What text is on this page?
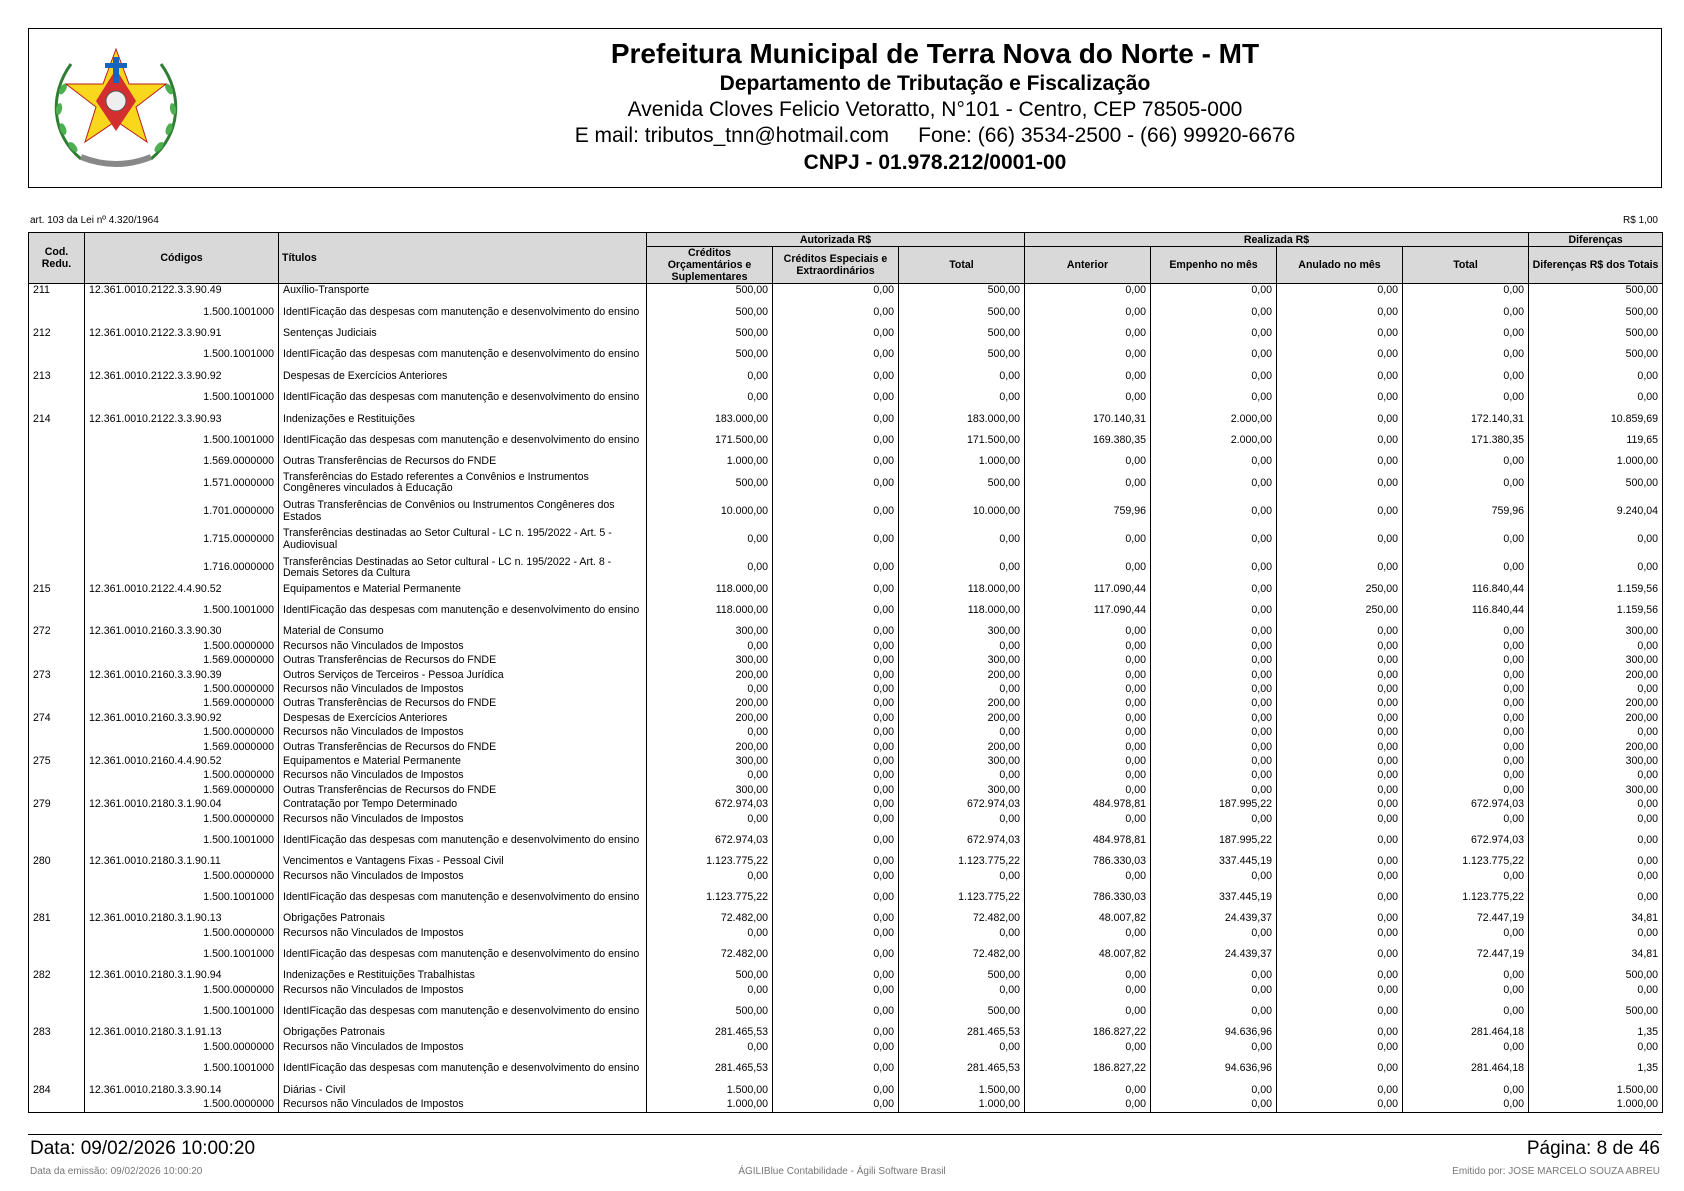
Prefeitura Municipal de Terra Nova do Norte - MT
Departamento de Tributação e Fiscalização
Avenida Cloves Felicio Vetoratto, N°101 - Centro, CEP 78505-000
E mail: tributos_tnn@hotmail.com     Fone: (66) 3534-2500 - (66) 99920-6676
CNPJ - 01.978.212/0001-00
art. 103 da Lei nº 4.320/1964	R$ 1,00
Cod. Redu.	Códigos	Títulos	Autorizada R$			Realizada R$				Diferenças
			Créditos Orçamentários e Suplementares	Créditos Especiais e Extraordinários	Total	Anterior	Empenho no mês	Anulado no mês	Total	Diferenças R$ dos Totais
211	12.361.0010.2122.3.3.90.49	Auxílio-Transporte	500,00	0,00	500,00	0,00	0,00	0,00	0,00	500,00
	1.500.1001000	IdentIFicação das despesas com manutenção e desenvolvimento do ensino	500,00	0,00	500,00	0,00	0,00	0,00	0,00	500,00
212	12.361.0010.2122.3.3.90.91	Sentenças Judiciais	500,00	0,00	500,00	0,00	0,00	0,00	0,00	500,00
	1.500.1001000	IdentIFicação das despesas com manutenção e desenvolvimento do ensino	500,00	0,00	500,00	0,00	0,00	0,00	0,00	500,00
213	12.361.0010.2122.3.3.90.92	Despesas de Exercícios Anteriores	0,00	0,00	0,00	0,00	0,00	0,00	0,00	0,00
	1.500.1001000	IdentIFicação das despesas com manutenção e desenvolvimento do ensino	0,00	0,00	0,00	0,00	0,00	0,00	0,00	0,00
214	12.361.0010.2122.3.3.90.93	Indenizações e Restituições	183.000,00	0,00	183.000,00	170.140,31	2.000,00	0,00	172.140,31	10.859,69
	1.500.1001000	IdentIFicação das despesas com manutenção e desenvolvimento do ensino	171.500,00	0,00	171.500,00	169.380,35	2.000,00	0,00	171.380,35	119,65
	1.569.0000000	Outras Transferências de Recursos do FNDE	1.000,00	0,00	1.000,00	0,00	0,00	0,00	0,00	1.000,00
	1.571.0000000	Transferências do Estado referentes a Convênios e Instrumentos Congêneres vinculados à Educação	500,00	0,00	500,00	0,00	0,00	0,00	0,00	500,00
	1.701.0000000	Outras Transferências de Convênios ou Instrumentos Congêneres dos Estados	10.000,00	0,00	10.000,00	759,96	0,00	0,00	759,96	9.240,04
	1.715.0000000	Transferências destinadas ao Setor Cultural - LC n. 195/2022 - Art. 5 - Audiovisual	0,00	0,00	0,00	0,00	0,00	0,00	0,00	0,00
	1.716.0000000	Transferências Destinadas ao Setor cultural - LC n. 195/2022 - Art. 8 - Demais Setores da Cultura	0,00	0,00	0,00	0,00	0,00	0,00	0,00	0,00
215	12.361.0010.2122.4.4.90.52	Equipamentos e Material Permanente	118.000,00	0,00	118.000,00	117.090,44	0,00	250,00	116.840,44	1.159,56
	1.500.1001000	IdentIFicação das despesas com manutenção e desenvolvimento do ensino	118.000,00	0,00	118.000,00	117.090,44	0,00	250,00	116.840,44	1.159,56
272	12.361.0010.2160.3.3.90.30	Material de Consumo	300,00	0,00	300,00	0,00	0,00	0,00	0,00	300,00
	1.500.0000000	Recursos não Vinculados de Impostos	0,00	0,00	0,00	0,00	0,00	0,00	0,00	0,00
	1.569.0000000	Outras Transferências de Recursos do FNDE	300,00	0,00	300,00	0,00	0,00	0,00	0,00	300,00
273	12.361.0010.2160.3.3.90.39	Outros Serviços de Terceiros - Pessoa Jurídica	200,00	0,00	200,00	0,00	0,00	0,00	0,00	200,00
	1.500.0000000	Recursos não Vinculados de Impostos	0,00	0,00	0,00	0,00	0,00	0,00	0,00	0,00
	1.569.0000000	Outras Transferências de Recursos do FNDE	200,00	0,00	200,00	0,00	0,00	0,00	0,00	200,00
274	12.361.0010.2160.3.3.90.92	Despesas de Exercícios Anteriores	200,00	0,00	200,00	0,00	0,00	0,00	0,00	200,00
	1.500.0000000	Recursos não Vinculados de Impostos	0,00	0,00	0,00	0,00	0,00	0,00	0,00	0,00
	1.569.0000000	Outras Transferências de Recursos do FNDE	200,00	0,00	200,00	0,00	0,00	0,00	0,00	200,00
275	12.361.0010.2160.4.4.90.52	Equipamentos e Material Permanente	300,00	0,00	300,00	0,00	0,00	0,00	0,00	300,00
	1.500.0000000	Recursos não Vinculados de Impostos	0,00	0,00	0,00	0,00	0,00	0,00	0,00	0,00
	1.569.0000000	Outras Transferências de Recursos do FNDE	300,00	0,00	300,00	0,00	0,00	0,00	0,00	300,00
279	12.361.0010.2180.3.1.90.04	Contratação por Tempo Determinado	672.974,03	0,00	672.974,03	484.978,81	187.995,22	0,00	672.974,03	0,00
	1.500.0000000	Recursos não Vinculados de Impostos	0,00	0,00	0,00	0,00	0,00	0,00	0,00	0,00
	1.500.1001000	IdentIFicação das despesas com manutenção e desenvolvimento do ensino	672.974,03	0,00	672.974,03	484.978,81	187.995,22	0,00	672.974,03	0,00
280	12.361.0010.2180.3.1.90.11	Vencimentos e Vantagens Fixas - Pessoal Civil	1.123.775,22	0,00	1.123.775,22	786.330,03	337.445,19	0,00	1.123.775,22	0,00
	1.500.0000000	Recursos não Vinculados de Impostos	0,00	0,00	0,00	0,00	0,00	0,00	0,00	0,00
	1.500.1001000	IdentIFicação das despesas com manutenção e desenvolvimento do ensino	1.123.775,22	0,00	1.123.775,22	786.330,03	337.445,19	0,00	1.123.775,22	0,00
281	12.361.0010.2180.3.1.90.13	Obrigações Patronais	72.482,00	0,00	72.482,00	48.007,82	24.439,37	0,00	72.447,19	34,81
	1.500.0000000	Recursos não Vinculados de Impostos	0,00	0,00	0,00	0,00	0,00	0,00	0,00	0,00
	1.500.1001000	IdentIFicação das despesas com manutenção e desenvolvimento do ensino	72.482,00	0,00	72.482,00	48.007,82	24.439,37	0,00	72.447,19	34,81
282	12.361.0010.2180.3.1.90.94	Indenizações e Restituições Trabalhistas	500,00	0,00	500,00	0,00	0,00	0,00	0,00	500,00
	1.500.0000000	Recursos não Vinculados de Impostos	0,00	0,00	0,00	0,00	0,00	0,00	0,00	0,00
	1.500.1001000	IdentIFicação das despesas com manutenção e desenvolvimento do ensino	500,00	0,00	500,00	0,00	0,00	0,00	0,00	500,00
283	12.361.0010.2180.3.1.91.13	Obrigações Patronais	281.465,53	0,00	281.465,53	186.827,22	94.636,96	0,00	281.464,18	1,35
	1.500.0000000	Recursos não Vinculados de Impostos	0,00	0,00	0,00	0,00	0,00	0,00	0,00	0,00
	1.500.1001000	IdentIFicação das despesas com manutenção e desenvolvimento do ensino	281.465,53	0,00	281.465,53	186.827,22	94.636,96	0,00	281.464,18	1,35
284	12.361.0010.2180.3.3.90.14	Diárias - Civil	1.500,00	0,00	1.500,00	0,00	0,00	0,00	0,00	1.500,00
	1.500.0000000	Recursos não Vinculados de Impostos	1.000,00	0,00	1.000,00	0,00	0,00	0,00	0,00	1.000,00
Data: 09/02/2026 10:00:20	Página: 8 de 46
Data da emissão: 09/02/2026 10:00:20	ÁGILIBlue Contabilidade - Ágili Software Brasil	Emitido por: JOSE MARCELO SOUZA ABREU
